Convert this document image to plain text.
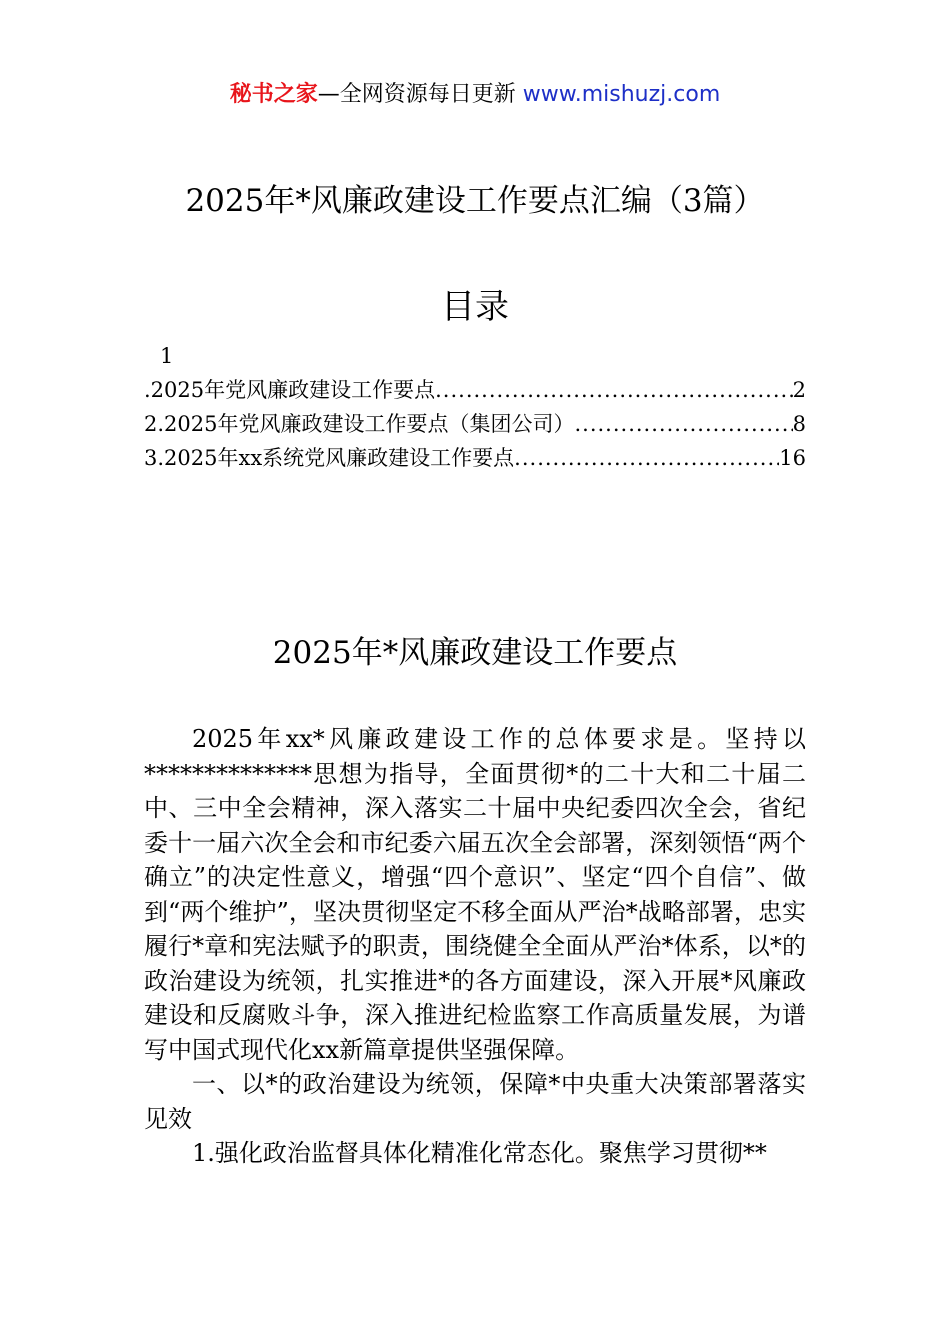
秘书之家—全网资源每日更新 www.mishuzj.com
2025年*风廉政建设工作要点汇编（3篇）
目录
1
.2025年党风廉政建设工作要点 .....	2
2.2025年党风廉政建设工作要点（集团公司） .....	8
3.2025年xx系统党风廉政建设工作要点 .....	16
2025年*风廉政建设工作要点

2025年xx*风廉政建设工作的总体要求是。坚持以**************思想为指导，全面贯彻*的二十大和二十届二中、三中全会精神，深入落实二十届中央纪委四次全会，省纪委十一届六次全会和市纪委六届五次全会部署，深刻领悟“两个确立”的决定性意义，增强“四个意识”、坚定“四个自信”、做到“两个维护”，坚决贯彻坚定不移全面从严治*战略部署，忠实履行*章和宪法赋予的职责，围绕健全全面从严治*体系，以*的政治建设为统领，扎实推进*的各方面建设，深入开展*风廉政建设和反腐败斗争，深入推进纪检监察工作高质量发展，为谱写中国式现代化xx新篇章提供坚强保障。

一、以*的政治建设为统领，保障*中央重大决策部署落实见效

1.强化政治监督具体化精准化常态化。聚焦学习贯彻**
